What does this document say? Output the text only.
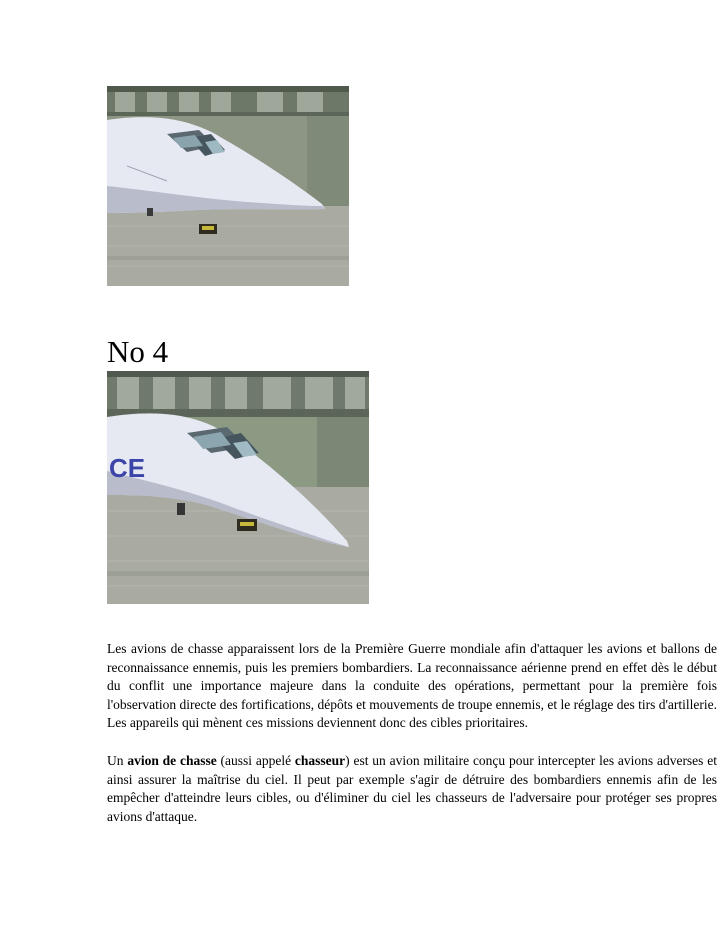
No 4
CE

Les avions de chasse apparaissent lors de la Première Guerre mondiale afin d'attaquer les avions et ballons de reconnaissance ennemis, puis les premiers bombardiers. La reconnaissance aérienne prend en effet dès le début du conflit une importance majeure dans la conduite des opérations, permettant pour la première fois l'observation directe des fortifications, dépôts et mouvements de troupe ennemis, et le réglage des tirs d'artillerie. Les appareils qui mènent ces missions deviennent donc des cibles prioritaires.

Un avion de chasse (aussi appelé chasseur) est un avion militaire conçu pour intercepter les avions adverses et ainsi assurer la maîtrise du ciel. Il peut par exemple s'agir de détruire des bombardiers ennemis afin de les empêcher d'atteindre leurs cibles, ou d'éliminer du ciel les chasseurs de l'adversaire pour protéger ses propres avions d'attaque.
